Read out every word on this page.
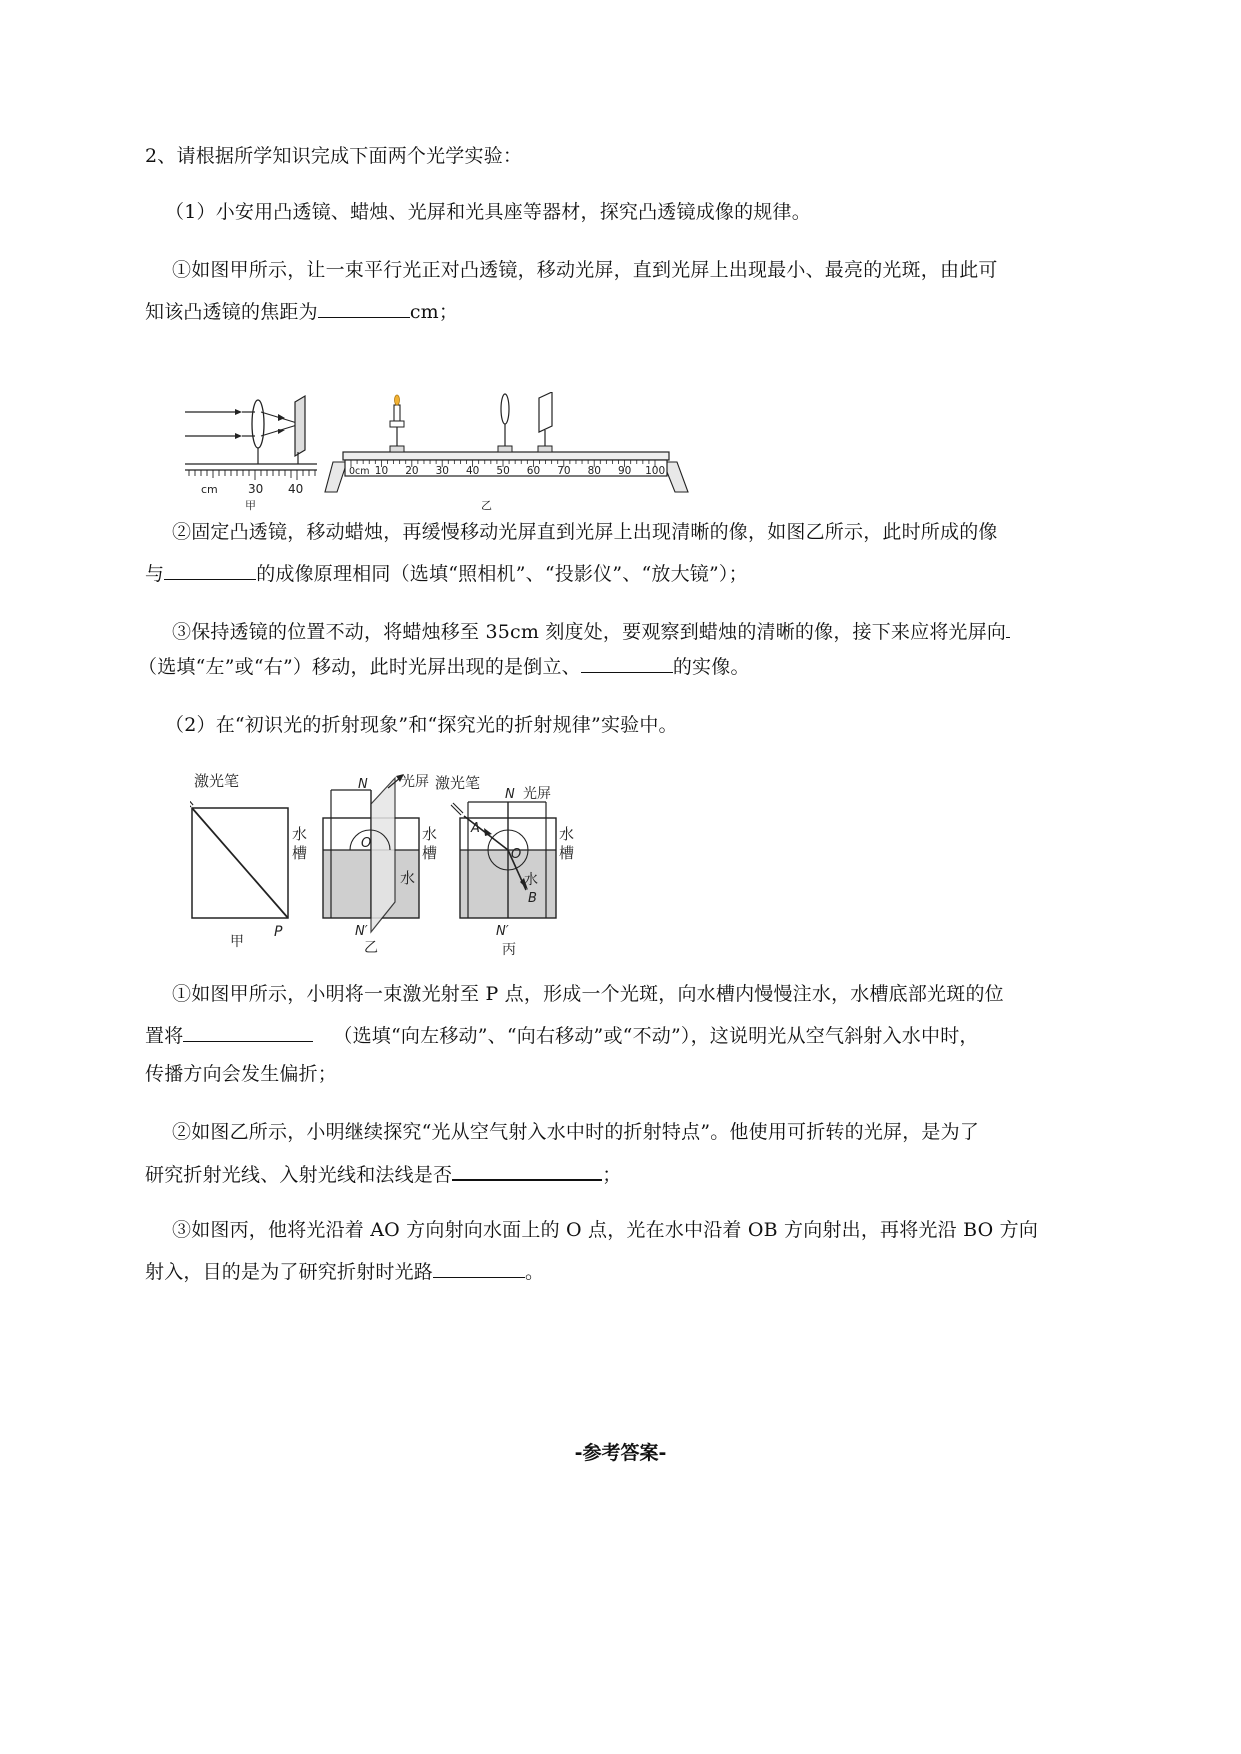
2、请根据所学知识完成下面两个光学实验：
（1）小安用凸透镜、蜡烛、光屏和光具座等器材，探究凸透镜成像的规律。
①如图甲所示，让一束平行光正对凸透镜，移动光屏，直到光屏上出现最小、最亮的光斑，由此可
知该凸透镜的焦距为	cm；
cm	30 40
甲
0cm 10 20 30 40 50 60 70 80 90 100
乙
②固定凸透镜，移动蜡烛，再缓慢移动光屏直到光屏上出现清晰的像，如图乙所示，此时所成的像
与	的成像原理相同（选填“照相机”、“投影仪”、“放大镜”）；
③保持透镜的位置不动，将蜡烛移至 35cm 刻度处，要观察到蜡烛的清晰的像，接下来应将光屏向
（选填“左”或“右”）移动，此时光屏出现的是倒立、	的实像。
（2）在“初识光的折射现象”和“探究光的折射规律”实验中。
激光笔
水
槽
P
甲
N 光屏
O
水
槽
水
N′
乙
激光笔
N 光屏
A
O
水
B
水
槽
N′
丙
①如图甲所示，小明将一束激光射至 P 点，形成一个光斑，向水槽内慢慢注水，水槽底部光斑的位
置将	（选填“向左移动”、“向右移动”或“不动”），这说明光从空气斜射入水中时，
传播方向会发生偏折；
②如图乙所示，小明继续探究“光从空气射入水中时的折射特点”。他使用可折转的光屏，是为了
研究折射光线、入射光线和法线是否	；
③如图丙，他将光沿着 AO 方向射向水面上的 O 点，光在水中沿着 OB 方向射出，再将光沿 BO 方向
射入，目的是为了研究折射时光路	。
-参考答案-
